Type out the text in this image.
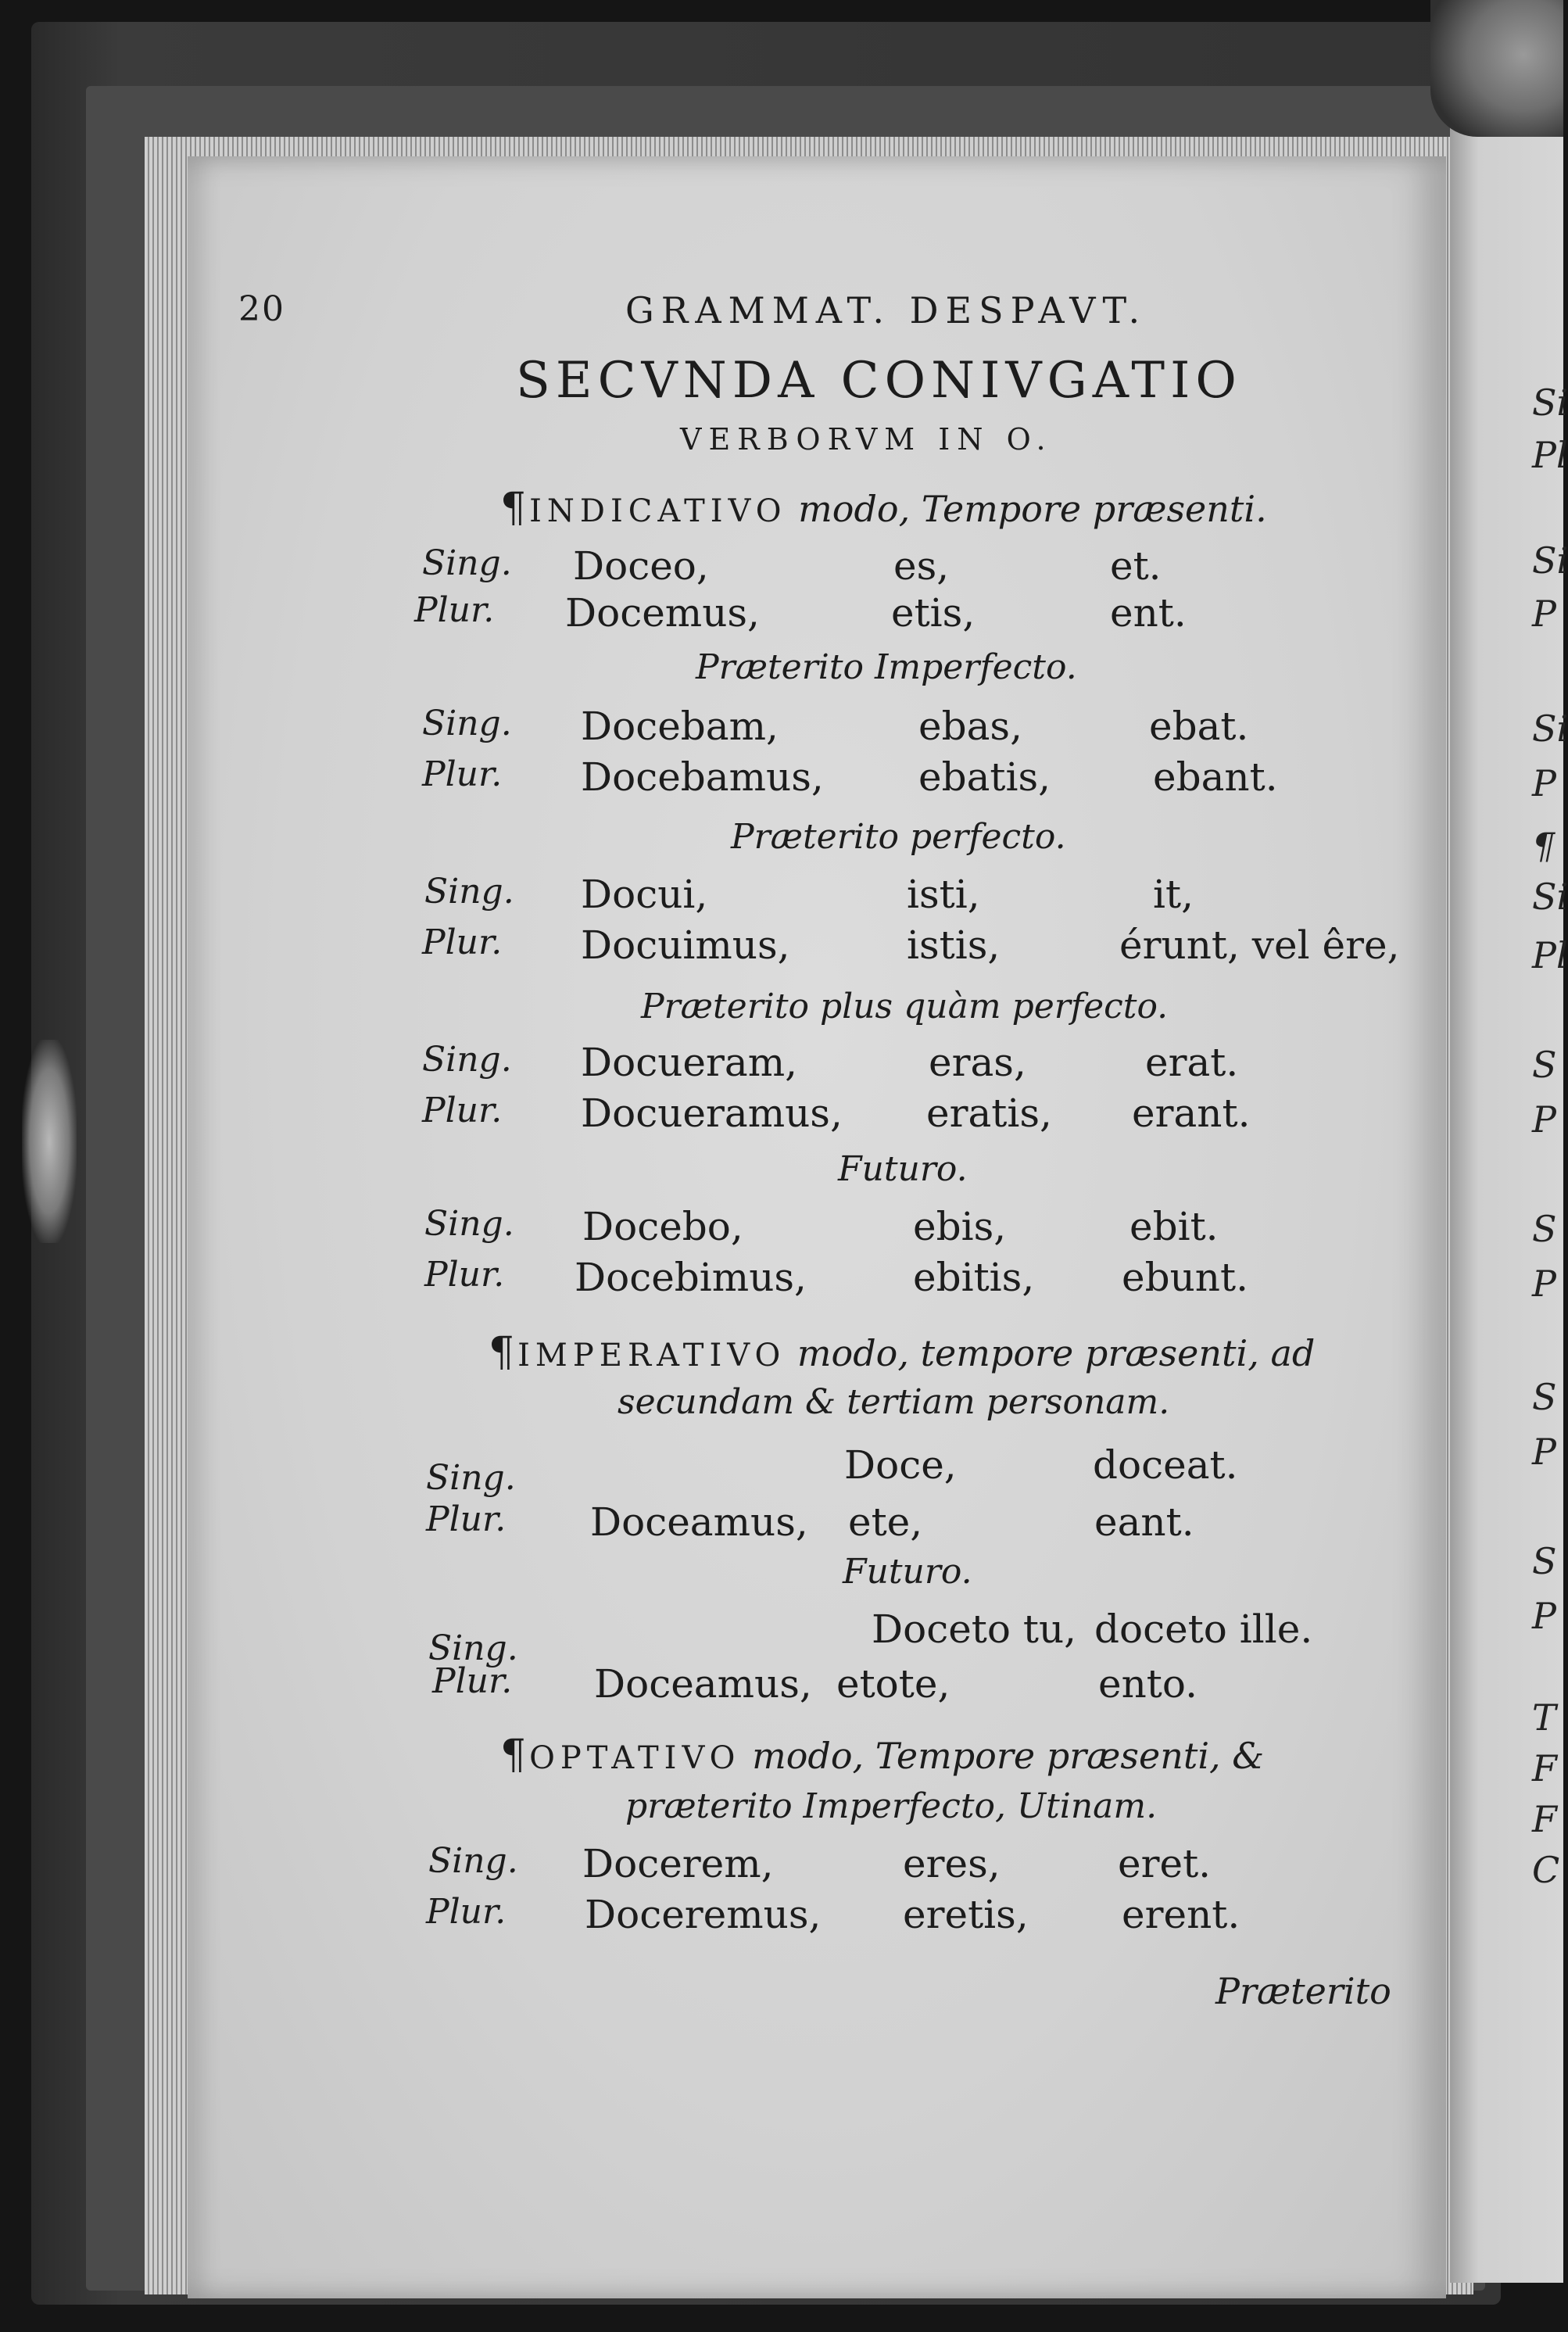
Si
Pl
Si
P
Si
P
¶
Si
Pl
S
P
S
P
S
P
S
P
T
F
F
C
20	GRAMMAT. DESPAVT.
SECVNDA CONIVGATIO
VERBORVM IN O.
¶ INDICATIVO modo, Tempore præsenti.
Sing. Doceo,	es,	et.
Plur. Docemus,	etis,	ent.
Præterito Imperfecto.
Sing. Docebam,	ebas,	ebat.
Plur. Docebamus, ebatis,	ebant.
Præterito perfecto.
Sing. Docui,	isti,	it,
Plur. Docuimus,	istis,	érunt, vel êre,
Præterito plus quàm perfecto.
Sing. Docueram,	eras,	erat.
Plur. Docueramus, eratis, erant.
Futuro.
Sing. Docebo,	ebis,	ebit.
Plur. Docebimus,	ebitis, ebunt.
¶ IMPERATIVO modo, tempore præsenti, ad
secundam & tertiam personam.
Sing.	Doce,	doceat.
Plur. Doceamus, ete,	eant.
Futuro.
Sing.	Doceto tu, doceto ille.
Plur. Doceamus, etote,	ento.
¶ OPTATIVO modo, Tempore præsenti, &
præterito Imperfecto, Utinam.
Sing. Docerem,	eres,	eret.
Plur. Doceremus, eretis, erent.
Præterito
